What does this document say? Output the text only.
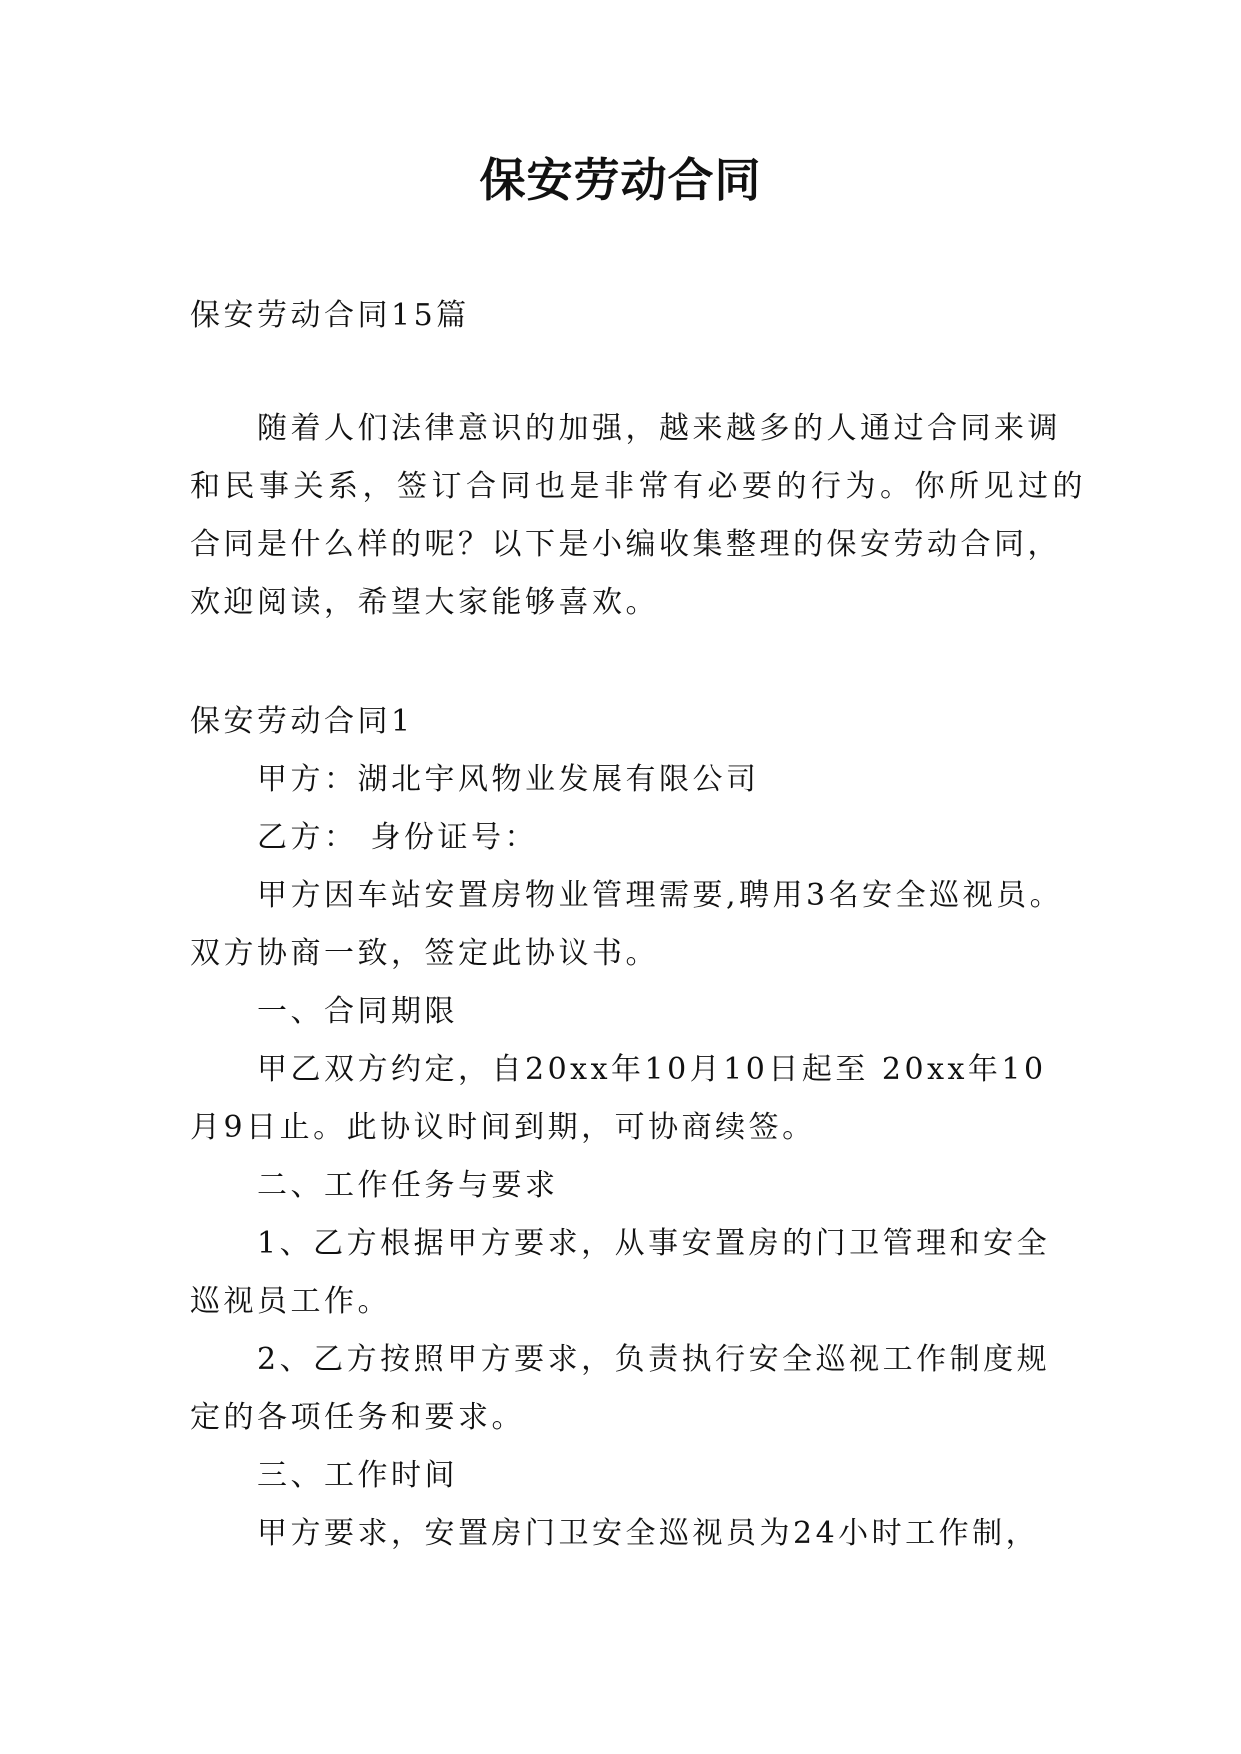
保安劳动合同
保安劳动合同15篇
随着人们法律意识的加强，越来越多的人通过合同来调
和民事关系，签订合同也是非常有必要的行为。你所见过的
合同是什么样的呢？以下是小编收集整理的保安劳动合同，
欢迎阅读，希望大家能够喜欢。
保安劳动合同1
甲方：湖北宇风物业发展有限公司
乙方： 身份证号：
甲方因车站安置房物业管理需要,聘用3名安全巡视员。
双方协商一致，签定此协议书。
一、合同期限
甲乙双方约定，自20xx年10月10日起至 20xx年10
月9日止。此协议时间到期，可协商续签。
二、工作任务与要求
1、乙方根据甲方要求，从事安置房的门卫管理和安全
巡视员工作。
2、乙方按照甲方要求，负责执行安全巡视工作制度规
定的各项任务和要求。
三、工作时间
甲方要求，安置房门卫安全巡视员为24小时工作制，
